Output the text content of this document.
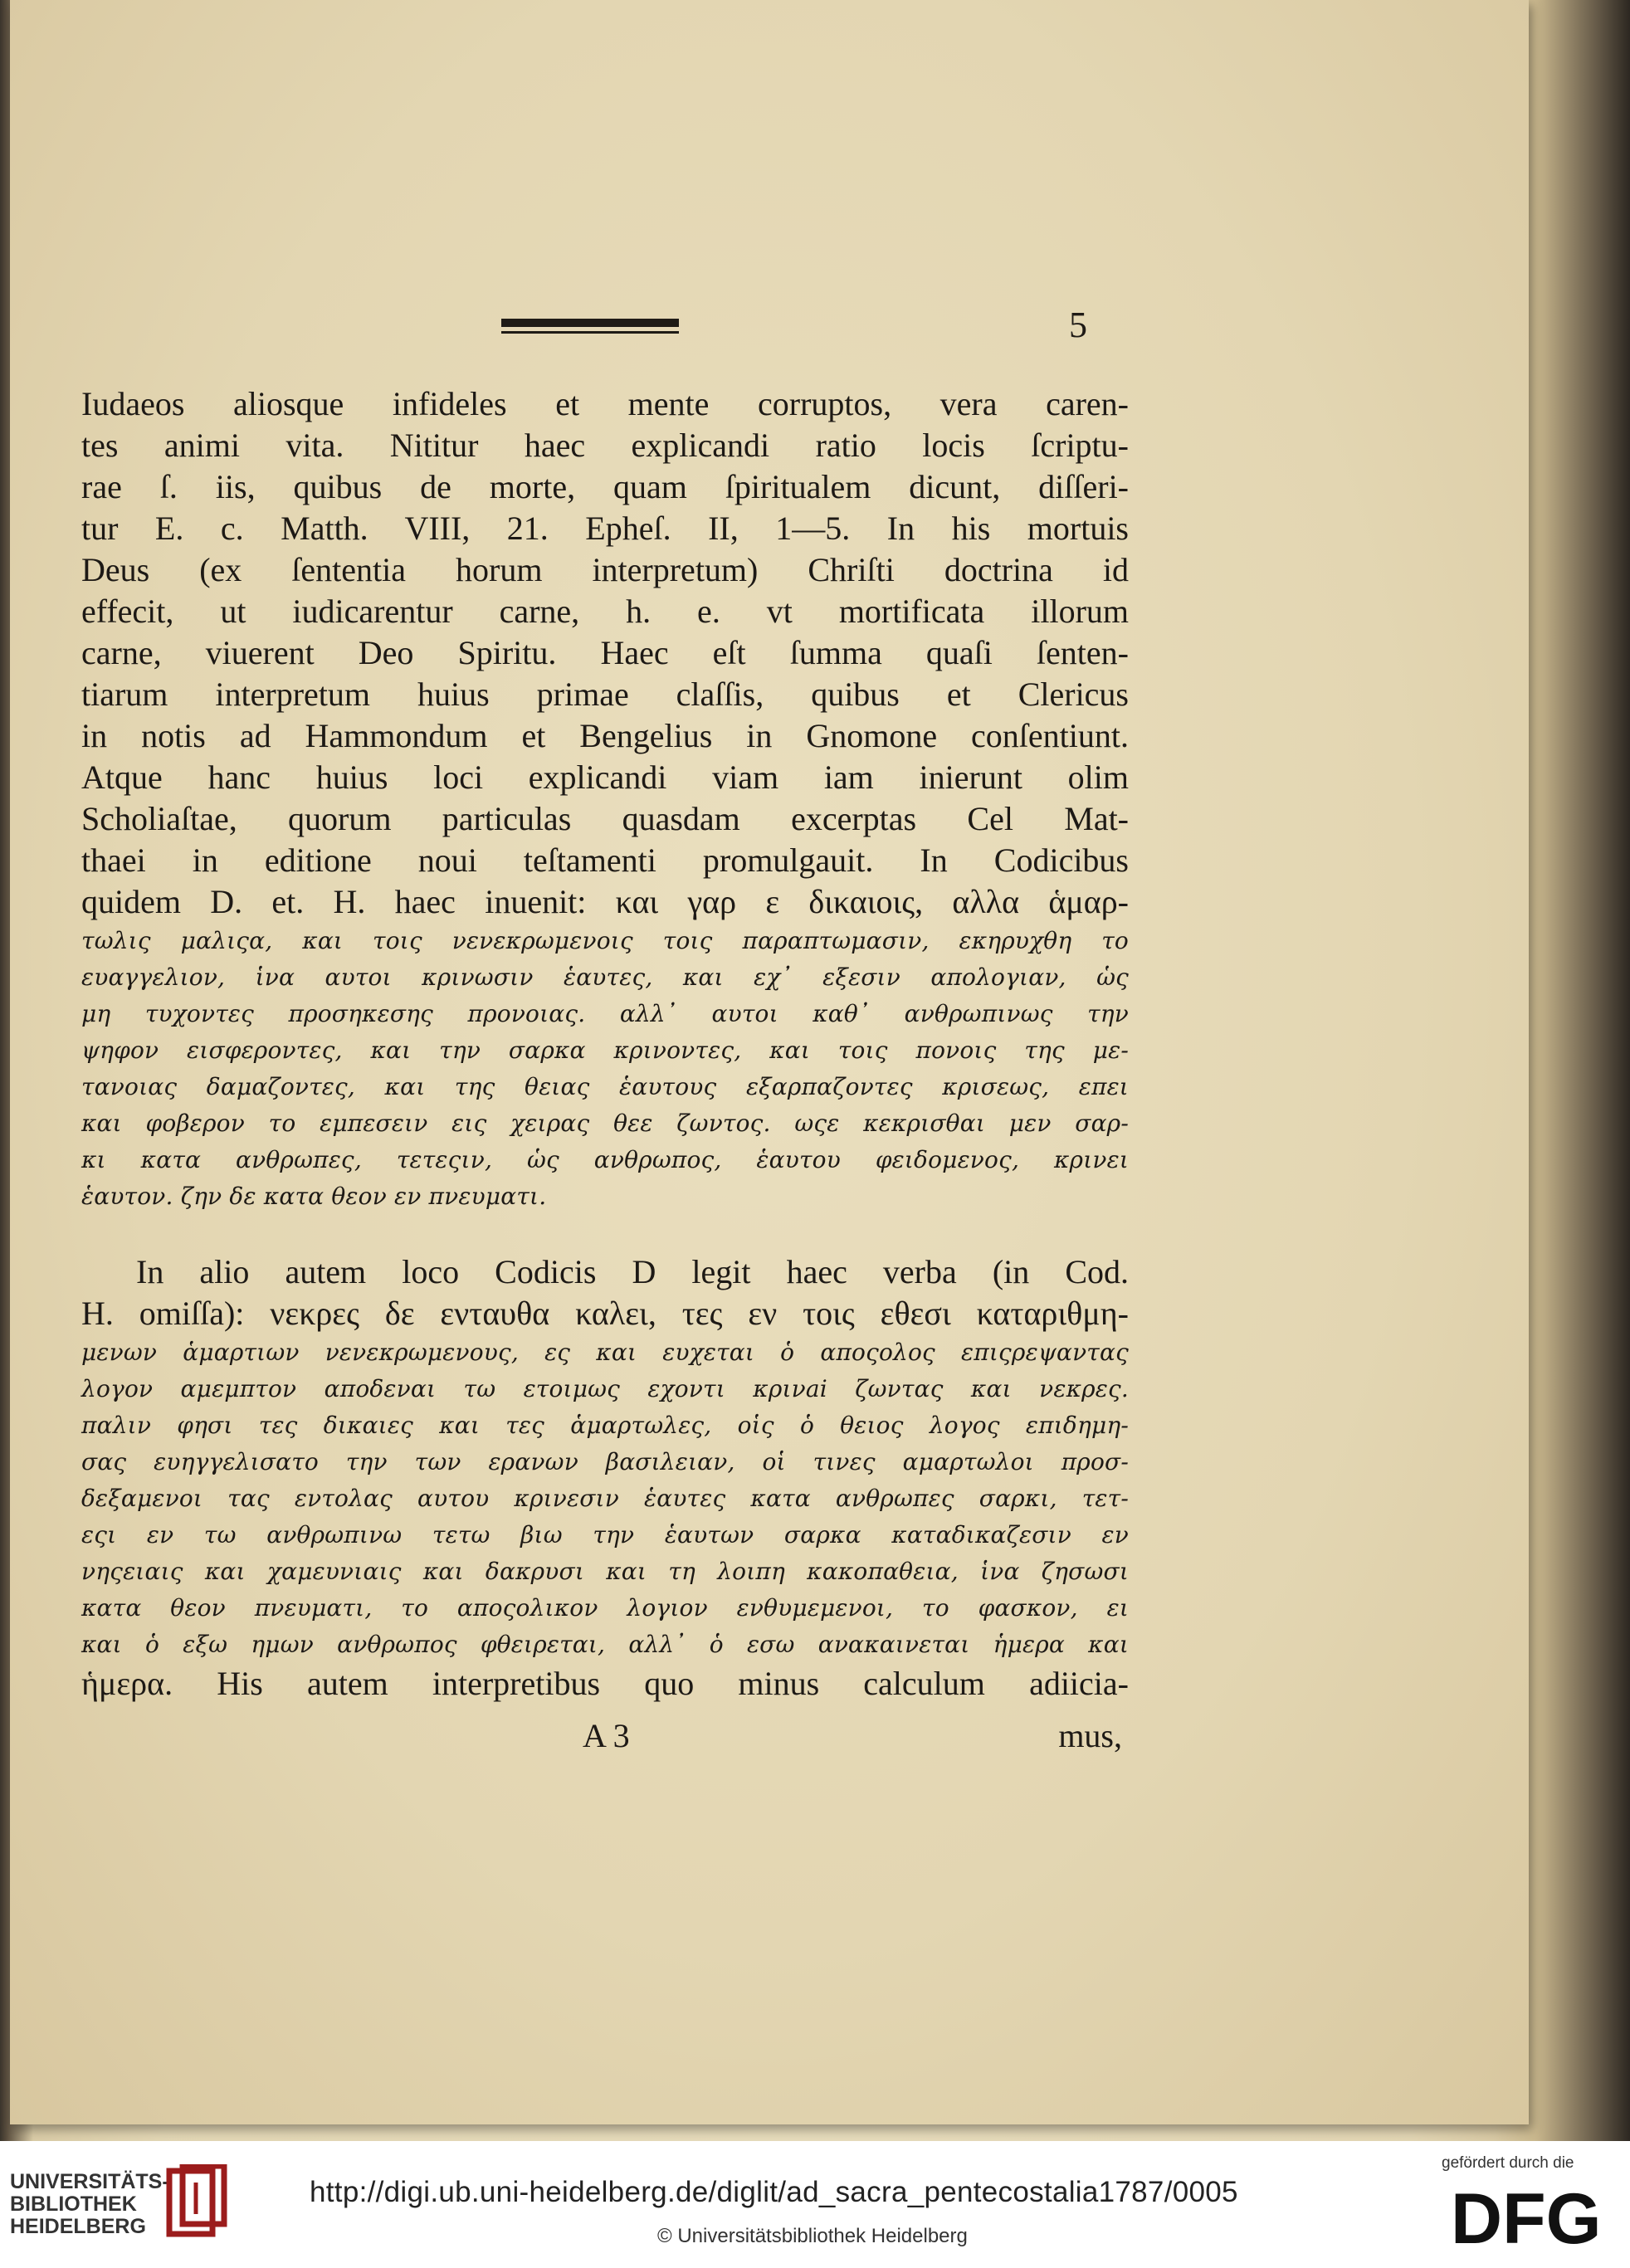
5
Iudaeos aliosque infideles et mente corruptos, vera caren-
tes animi vita. Nititur haec explicandi ratio locis ſcriptu-
rae ſ. iis, quibus de morte, quam ſpiritualem dicunt, diſſeri-
tur E. c. Matth. VIII, 21. Epheſ. II, 1—5. In his mortuis
Deus (ex ſententia horum interpretum) Chriſti doctrina id
effecit, ut iudicarentur carne, h. e. vt mortificata illorum
carne, viuerent Deo Spiritu. Haec eſt ſumma quaſi ſenten-
tiarum interpretum huius primae claſſis, quibus et Clericus
in notis ad Hammondum et Bengelius in Gnomone conſentiunt.
Atque hanc huius loci explicandi viam iam inierunt olim
Scholiaſtae, quorum particulas quasdam excerptas Cel Mat-
thaei in editione noui teſtamenti promulgauit. In Codicibus
quidem D. et. H. haec inuenit: και γαρ ε δικαιοις, αλλα ἁμαρ-
τωλις μαλιςα, και τοις νενεκρωμενοις τοις παραπτωμασιν, εκηρυχθη το
ευαγγελιον, ἱνα αυτοι κρινωσιν ἑαυτες, και εχ᾽ εξεσιν απολογιαν, ὡς
μη τυχοντες προσηκεσης προνοιας. αλλ᾽ αυτοι καθ᾽ ανθρωπινως την
ψηφον εισφεροντες, και την σαρκα κρινοντες, και τοις πονοις της με-
τανοιας δαμαζοντες, και της θειας ἑαυτους εξαρπαζοντες κρισεως, επει
και φοβερον το εμπεσειν εις χειρας θεε ζωντος. ωςε κεκρισθαι μεν σαρ-
κι κατα ανθρωπες, τετεςιν, ὡς ανθρωπος, ἑαυτου φειδομενος, κρινει
ἑαυτον. ζην δε κατα θεον εν πνευματι.
In alio autem loco Codicis D legit haec verba (in Cod.
H. omiſſa): νεκρες δε ενταυθα καλει, τες εν τοις εθεσι καταριθμη-
μενων ἁμαρτιων νενεκρωμενους, ες και ευχεται ὁ αποςολος επιςρεψαντας
λογον αμεμπτον αποδεναι τω ετοιμως εχοντι κρινai ζωντας και νεκρες.
παλιν φησι τες δικαιες και τες ἁμαρτωλες, οἱς ὁ θειος λογος επιδημη-
σας ευηγγελισατο την των ερανων βασιλειαν, οἱ τινες αμαρτωλοι προσ-
δεξαμενοι τας εντολας αυτου κρινεσιν ἑαυτες κατα ανθρωπες σαρκι, τετ-
εςι εν τω ανθρωπινω τετω βιω την ἑαυτων σαρκα καταδικαζεσιν εν
νηςειαις και χαμευνιαις και δακρυσι και τη λοιπη κακοπαθεια, ἱνα ζησωσι
κατα θεον πνευματι, το αποςολικον λογιον ενθυμεμενοι, το φασκον, ει
και ὁ εξω ημων ανθρωπος φθειρεται, αλλ᾽ ὁ εσω ανακαινεται ἡμερα και
ἡμερα. His autem interpretibus quo minus calculum adiicia-
A 3	mus,
UNIVERSITÄTS-
BIBLIOTHEK
HEIDELBERG
http://digi.ub.uni-heidelberg.de/diglit/ad_sacra_pentecostalia1787/0005
© Universitätsbibliothek Heidelberg
gefördert durch die
DFG
